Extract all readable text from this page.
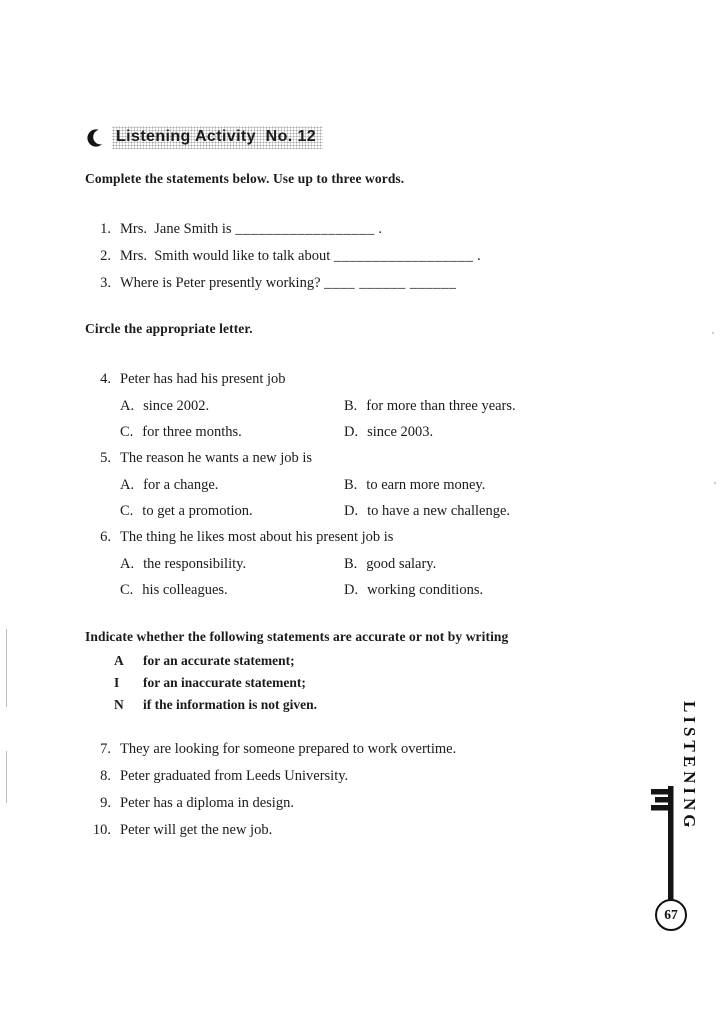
Listening Activity  No. 12
Complete the statements below. Use up to three words.
1. Mrs.  Jane Smith is __________________ .
2. Mrs.  Smith would like to talk about __________________ .
3. Where is Peter presently working? ____ ______ ______
Circle the appropriate letter.
4. Peter has had his present job
A. since 2002.	B. for more than three years.
C. for three months.	D. since 2003.
5. The reason he wants a new job is
A. for a change.	B. to earn more money.
C. to get a promotion.	D. to have a new challenge.
6. The thing he likes most about his present job is
A. the responsibility.	B. good salary.
C. his colleagues.	D. working conditions.
Indicate whether the following statements are accurate or not by writing
A	for an accurate statement;
I	for an inaccurate statement;
N	if the information is not given.
7. They are looking for someone prepared to work overtime.
8. Peter graduated from Leeds University.
9. Peter has a diploma in design.
10. Peter will get the new job.	LISTENING
67
